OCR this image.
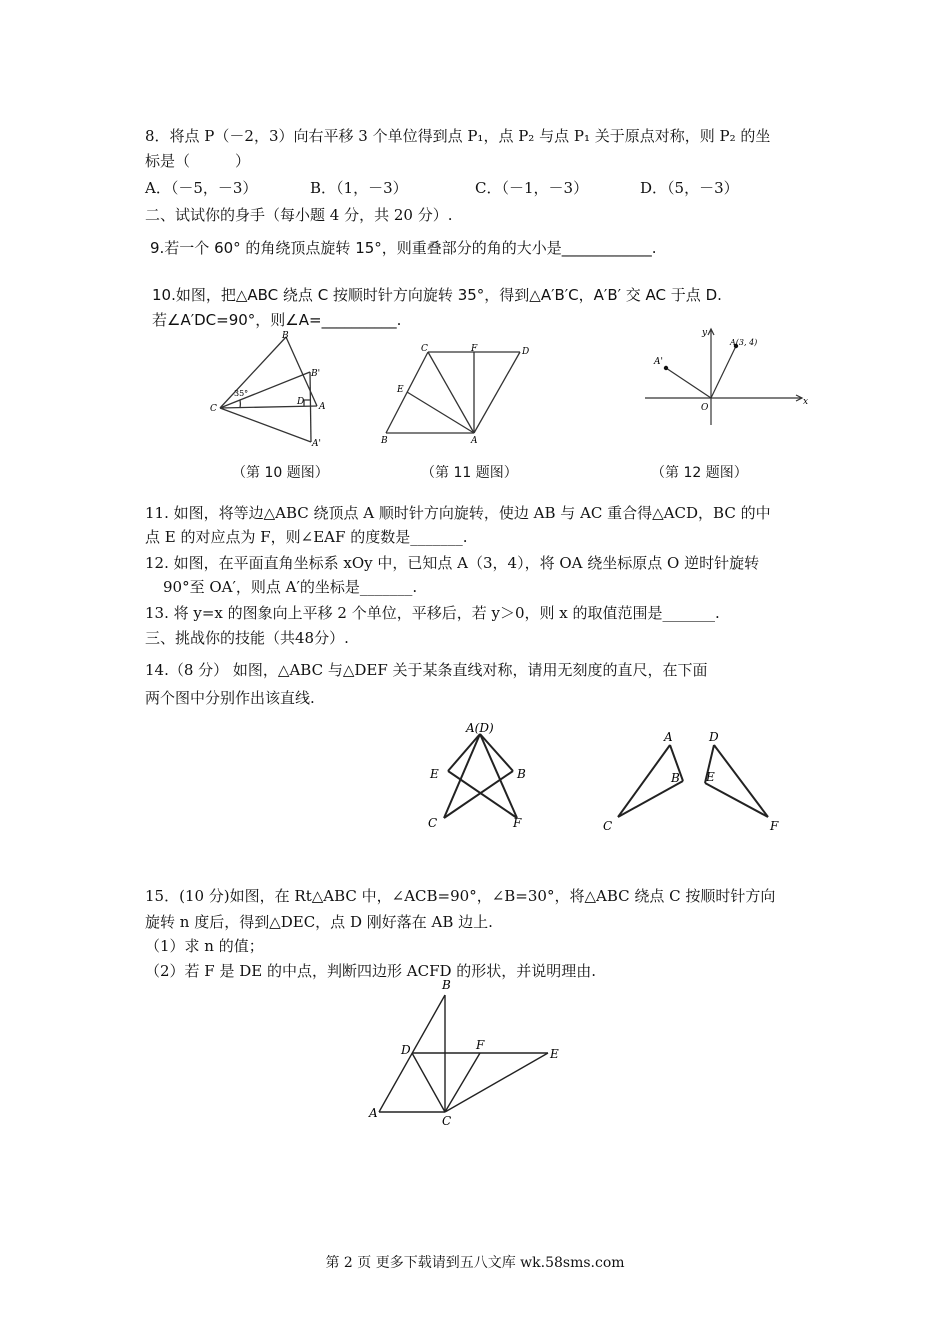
8．将点 P（－2，3）向右平移 3 个单位得到点 P₁，点 P₂ 与点 P₁ 关于原点对称，则 P₂ 的坐
标是（　　　）
A．（－5，－3）	B．（1，－3）	C．（－1，－3）	D．（5，－3）
二、试试你的身手（每小题 4 分，共 20 分）.
9.若一个 60° 的角绕顶点旋转 15°，则重叠部分的角的大小是____________.
10.如图，把△ABC 绕点 C 按顺时针方向旋转 35°，得到△A′B′C，A′B′ 交 AC 于点 D.
若∠A′DC=90°，则∠A=__________.
B
B'
C
D A
A'
35°
C	F	D
E
B	A
y
A(3, 4)
A'
O
x
（第 10 题图）	（第 11 题图）	（第 12 题图）
11. 如图，将等边△ABC 绕顶点 A 顺时针方向旋转，使边 AB 与 AC 重合得△ACD，BC 的中
点 E 的对应点为 F，则∠EAF 的度数是_______.
12. 如图，在平面直角坐标系 xOy 中，已知点 A（3，4），将 OA 绕坐标原点 O 逆时针旋转
90°至 OA′，则点 A′的坐标是_______.
13. 将 y=x 的图象向上平移 2 个单位，平移后，若 y＞0，则 x 的取值范围是_______.
三、挑战你的技能（共48分）.
14.（8 分） 如图，△ABC 与△DEF 关于某条直线对称，请用无刻度的直尺，在下面
两个图中分别作出该直线.
A(D)
E	B
C	F
A	D
B E
C	F
15．(10 分)如图，在 Rt△ABC 中，∠ACB=90°，∠B=30°，将△ABC 绕点 C 按顺时针方向
旋转 n 度后，得到△DEC，点 D 刚好落在 AB 边上.
（1）求 n 的值；
（2）若 F 是 DE 的中点，判断四边形 ACFD 的形状，并说明理由.
B
D	F
E
A
C
第 2 页 更多下载请到五八文库 wk.58sms.com
